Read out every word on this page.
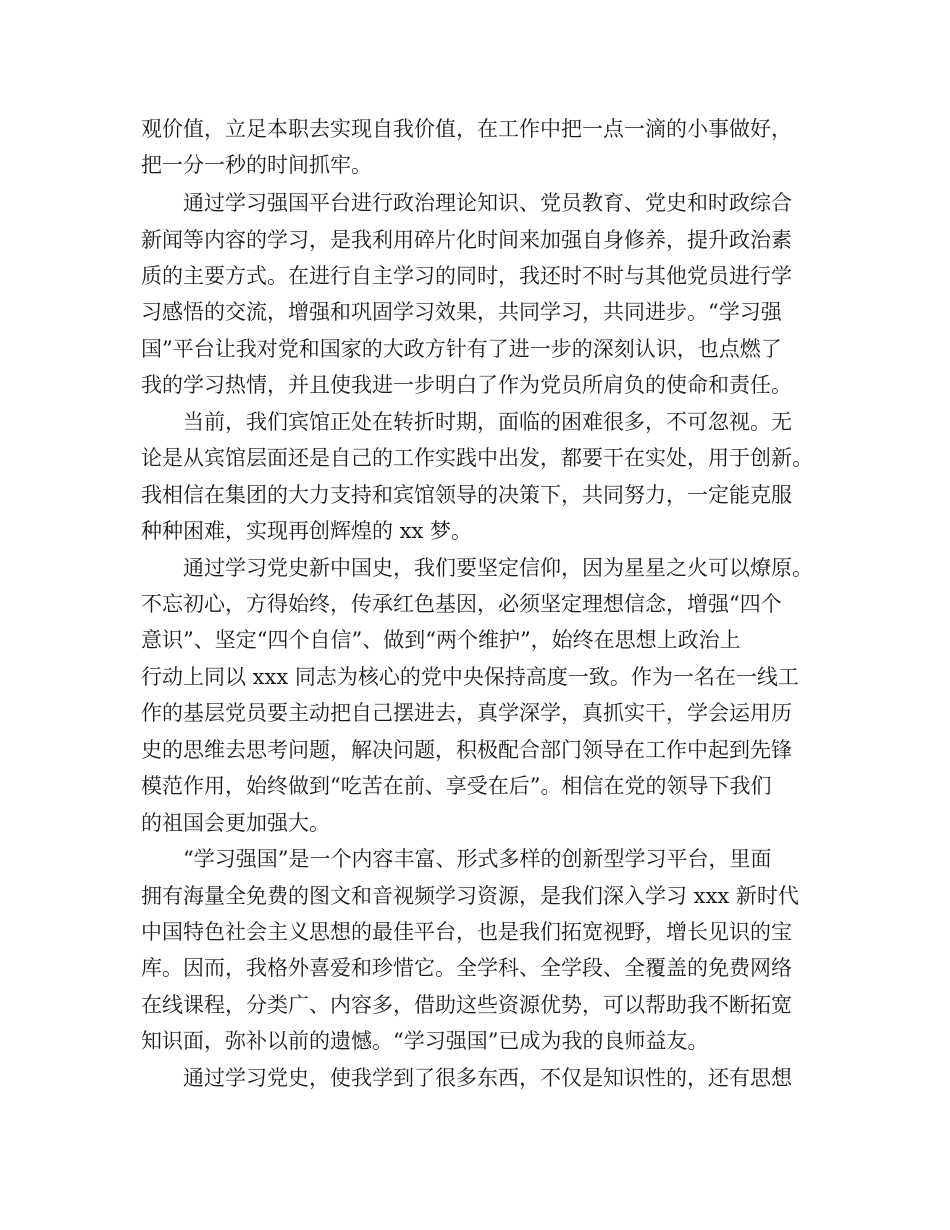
观价值，立足本职去实现自我价值，在工作中把一点一滴的小事做好，
把一分一秒的时间抓牢。
通过学习强国平台进行政治理论知识、党员教育、党史和时政综合
新闻等内容的学习，是我利用碎片化时间来加强自身修养，提升政治素
质的主要方式。在进行自主学习的同时，我还时不时与其他党员进行学
习感悟的交流，增强和巩固学习效果，共同学习，共同进步。“学习强
国”平台让我对党和国家的大政方针有了进一步的深刻认识，也点燃了
我的学习热情，并且使我进一步明白了作为党员所肩负的使命和责任。
当前，我们宾馆正处在转折时期，面临的困难很多，不可忽视。无
论是从宾馆层面还是自己的工作实践中出发，都要干在实处，用于创新。
我相信在集团的大力支持和宾馆领导的决策下，共同努力，一定能克服
种种困难，实现再创辉煌的 xx 梦。
通过学习党史新中国史，我们要坚定信仰，因为星星之火可以燎原。
不忘初心，方得始终，传承红色基因，必须坚定理想信念，增强“四个
意识”、坚定“四个自信”、做到“两个维护”，始终在思想上政治上
行动上同以 xxx 同志为核心的党中央保持高度一致。作为一名在一线工
作的基层党员要主动把自己摆进去，真学深学，真抓实干，学会运用历
史的思维去思考问题，解决问题，积极配合部门领导在工作中起到先锋
模范作用，始终做到“吃苦在前、享受在后”。相信在党的领导下我们
的祖国会更加强大。
“学习强国”是一个内容丰富、形式多样的创新型学习平台，里面
拥有海量全免费的图文和音视频学习资源，是我们深入学习 xxx 新时代
中国特色社会主义思想的最佳平台，也是我们拓宽视野，增长见识的宝
库。因而，我格外喜爱和珍惜它。全学科、全学段、全覆盖的免费网络
在线课程，分类广、内容多，借助这些资源优势，可以帮助我不断拓宽
知识面，弥补以前的遗憾。“学习强国”已成为我的良师益友。
通过学习党史，使我学到了很多东西，不仅是知识性的，还有思想
